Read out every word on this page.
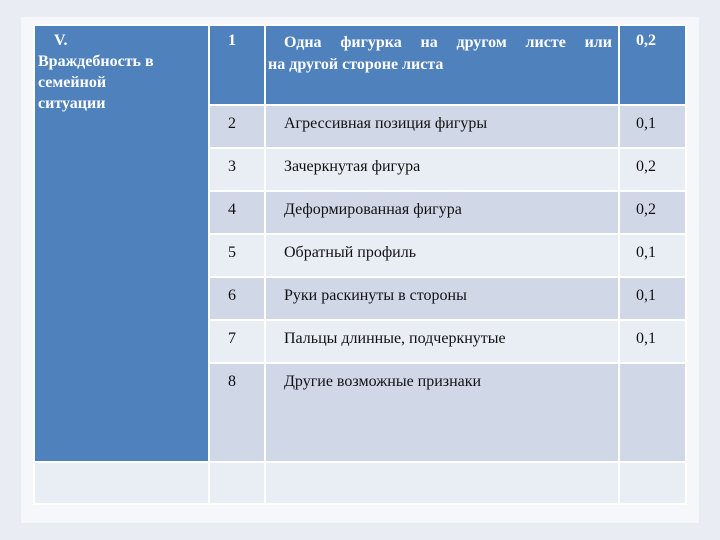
V.
Враждебность в
семейной
ситуации	1	Одна фигурка на другом листе или
на другой стороне листа	0,2
	2	Агрессивная позиция фигуры	0,1
	3	Зачеркнутая фигура	0,2
	4	Деформированная фигура	0,2
	5	Обратный профиль	0,1
	6	Руки раскинуты в стороны	0,1
	7	Пальцы длинные, подчеркнутые	0,1
	8	Другие возможные признаки	
